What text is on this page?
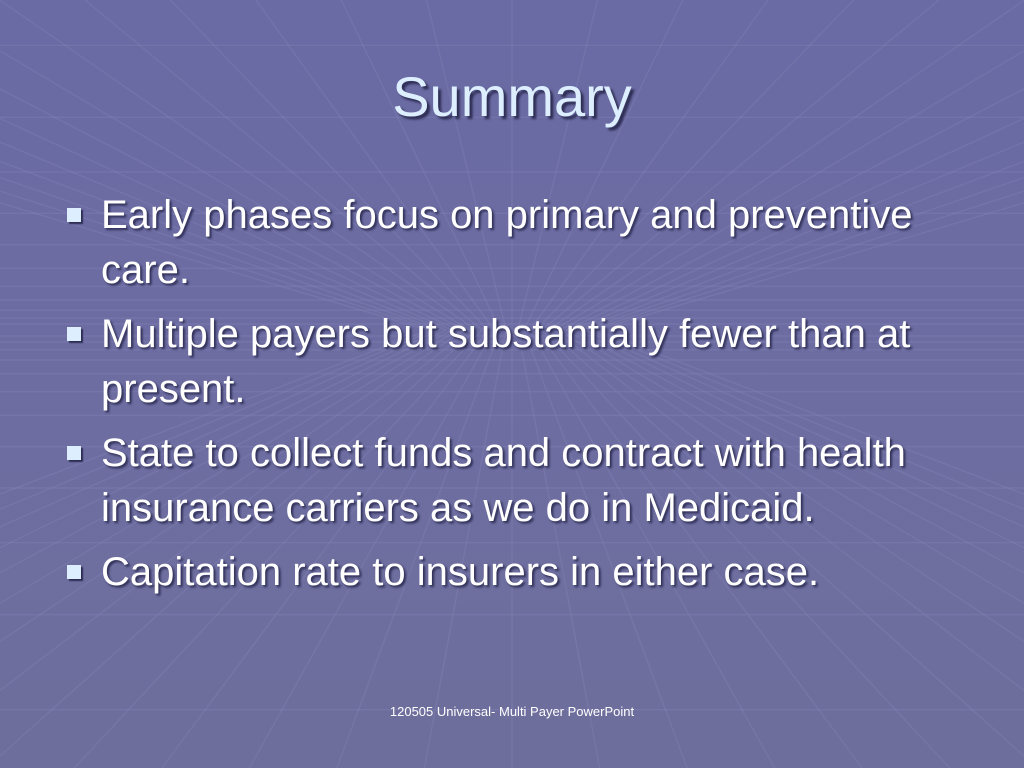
Summary
Early phases focus on primary and preventive care.
Multiple payers but substantially fewer than at present.
State to collect funds and contract with health insurance carriers as we do in Medicaid.
Capitation rate to insurers in either case.
120505 Universal- Multi Payer PowerPoint
